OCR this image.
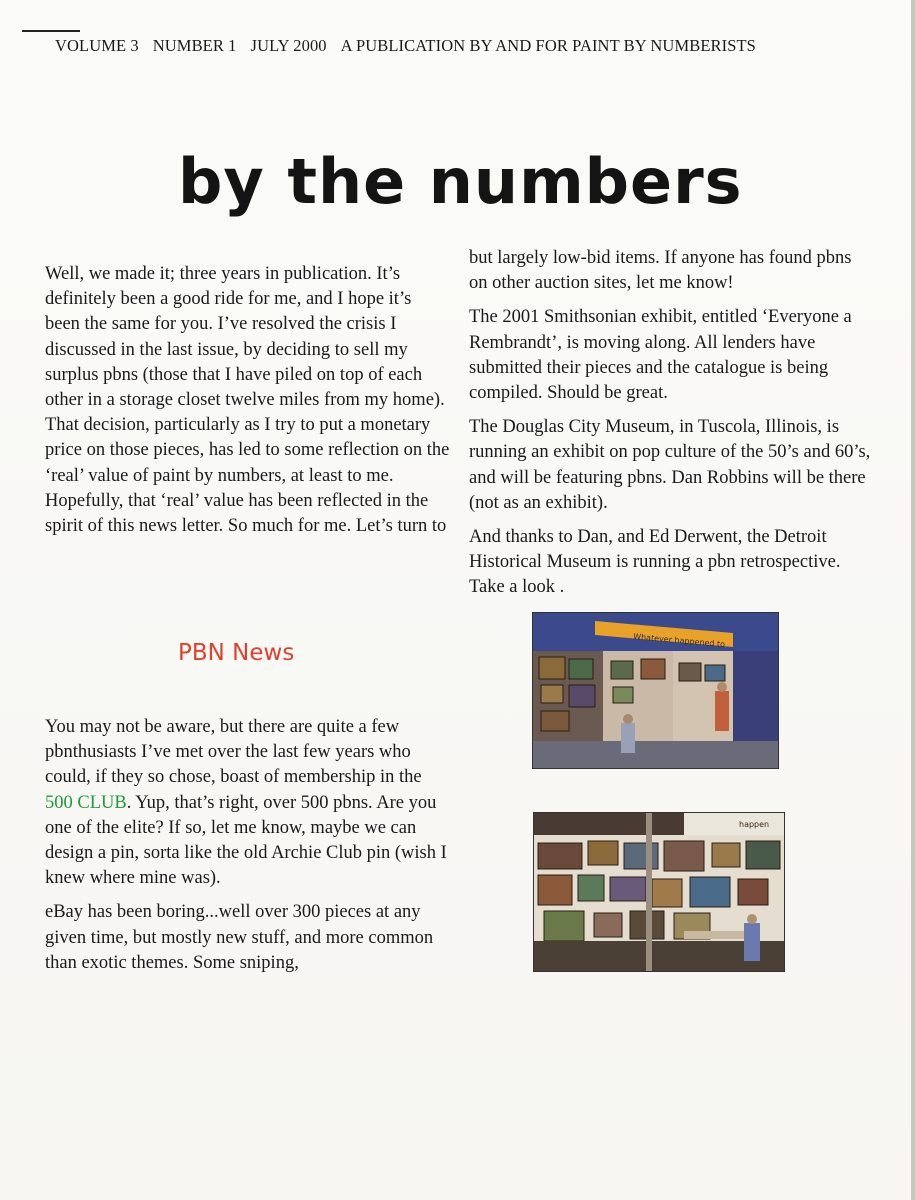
VOLUME 3 NUMBER 1 JULY 2000 A PUBLICATION BY AND FOR PAINT BY NUMBERISTS
by the numbers

Well, we made it; three years in publication. It’s definitely been a good ride for me, and I hope it’s been the same for you. I’ve resolved the crisis I discussed in the last issue, by deciding to sell my surplus pbns (those that I have piled on top of each other in a storage closet twelve miles from my home). That decision, particularly as I try to put a monetary price on those pieces, has led to some reflection on the ‘real’ value of paint by numbers, at least to me. Hopefully, that ‘real’ value has been reflected in the spirit of this news letter. So much for me. Let’s turn to

PBN News

You may not be aware, but there are quite a few pbnthusiasts I’ve met over the last few years who could, if they so chose, boast of membership in the 500 CLUB. Yup, that’s right, over 500 pbns. Are you one of the elite? If so, let me know, maybe we can design a pin, sorta like the old Archie Club pin (wish I knew where mine was).

eBay has been boring...well over 300 pieces at any given time, but mostly new stuff, and more common than exotic themes. Some sniping,

but largely low-bid items. If anyone has found pbns on other auction sites, let me know!

The 2001 Smithsonian exhibit, entitled ‘Everyone a Rembrandt’, is moving along. All lenders have submitted their pieces and the catalogue is being compiled. Should be great.

The Douglas City Museum, in Tuscola, Illinois, is running an exhibit on pop culture of the 50’s and 60’s, and will be featuring pbns. Dan Robbins will be there (not as an exhibit).

And thanks to Dan, and Ed Derwent, the Detroit Historical Museum is running a pbn retrospective. Take a look .

Whatever happened to
happen
